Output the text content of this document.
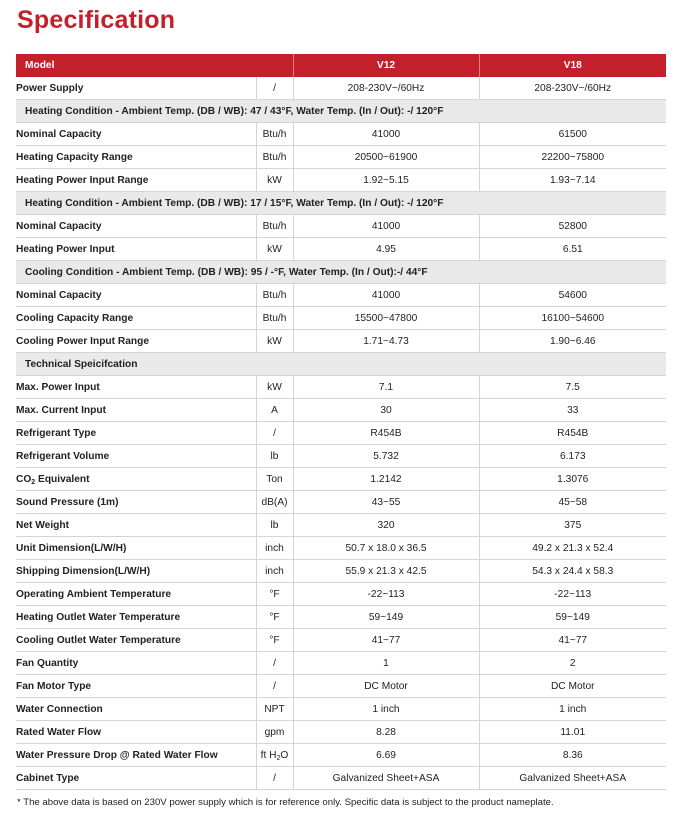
Specification
Model		V12	V18
Power Supply	/	208-230V~/60Hz	208-230V~/60Hz
Heating Condition - Ambient Temp. (DB / WB): 47 / 43°F, Water Temp. (In / Out): -/ 120°F			
Nominal Capacity	Btu/h	41000	61500
Heating Capacity Range	Btu/h	20500~61900	22200~75800
Heating Power Input Range	kW	1.92~5.15	1.93~7.14
Heating Condition - Ambient Temp. (DB / WB): 17 / 15°F, Water Temp. (In / Out): -/ 120°F			
Nominal Capacity	Btu/h	41000	52800
Heating Power Input	kW	4.95	6.51
Cooling Condition - Ambient Temp. (DB / WB): 95 / -°F, Water Temp. (In / Out):-/ 44°F			
Nominal Capacity	Btu/h	41000	54600
Cooling Capacity Range	Btu/h	15500~47800	16100~54600
Cooling Power Input Range	kW	1.71~4.73	1.90~6.46
Technical Speicifcation			
Max. Power Input	kW	7.1	7.5
Max. Current Input	A	30	33
Refrigerant Type	/	R454B	R454B
Refrigerant Volume	lb	5.732	6.173
$CO_2$ Equivalent	Ton	1.2142	1.3076
Sound Pressure (1m)	dB(A)	43~55	45~58
Net Weight	lb	320	375
Unit Dimension(L/W/H)	inch	50.7 x 18.0 x 36.5	49.2 x 21.3 x 52.4
Shipping Dimension(L/W/H)	inch	55.9 x 21.3 x 42.5	54.3 x 24.4 x 58.3
Operating Ambient Temperature	°F	-22~113	-22~113
Heating Outlet Water Temperature	°F	59~149	59~149
Cooling Outlet Water Temperature	°F	41~77	41~77
Fan Quantity	/	1	2
Fan Motor Type	/	DC Motor	DC Motor
Water Connection	NPT	1 inch	1 inch
Rated Water Flow	gpm	8.28	11.01
Water Pressure Drop @ Rated Water Flow	ft $H_2O$	6.69	8.36
Cabinet Type	/	Galvanized Sheet+ASA	Galvanized Sheet+ASA
* The above data is based on 230V power supply which is for reference only. Specific data is subject to the product nameplate.
